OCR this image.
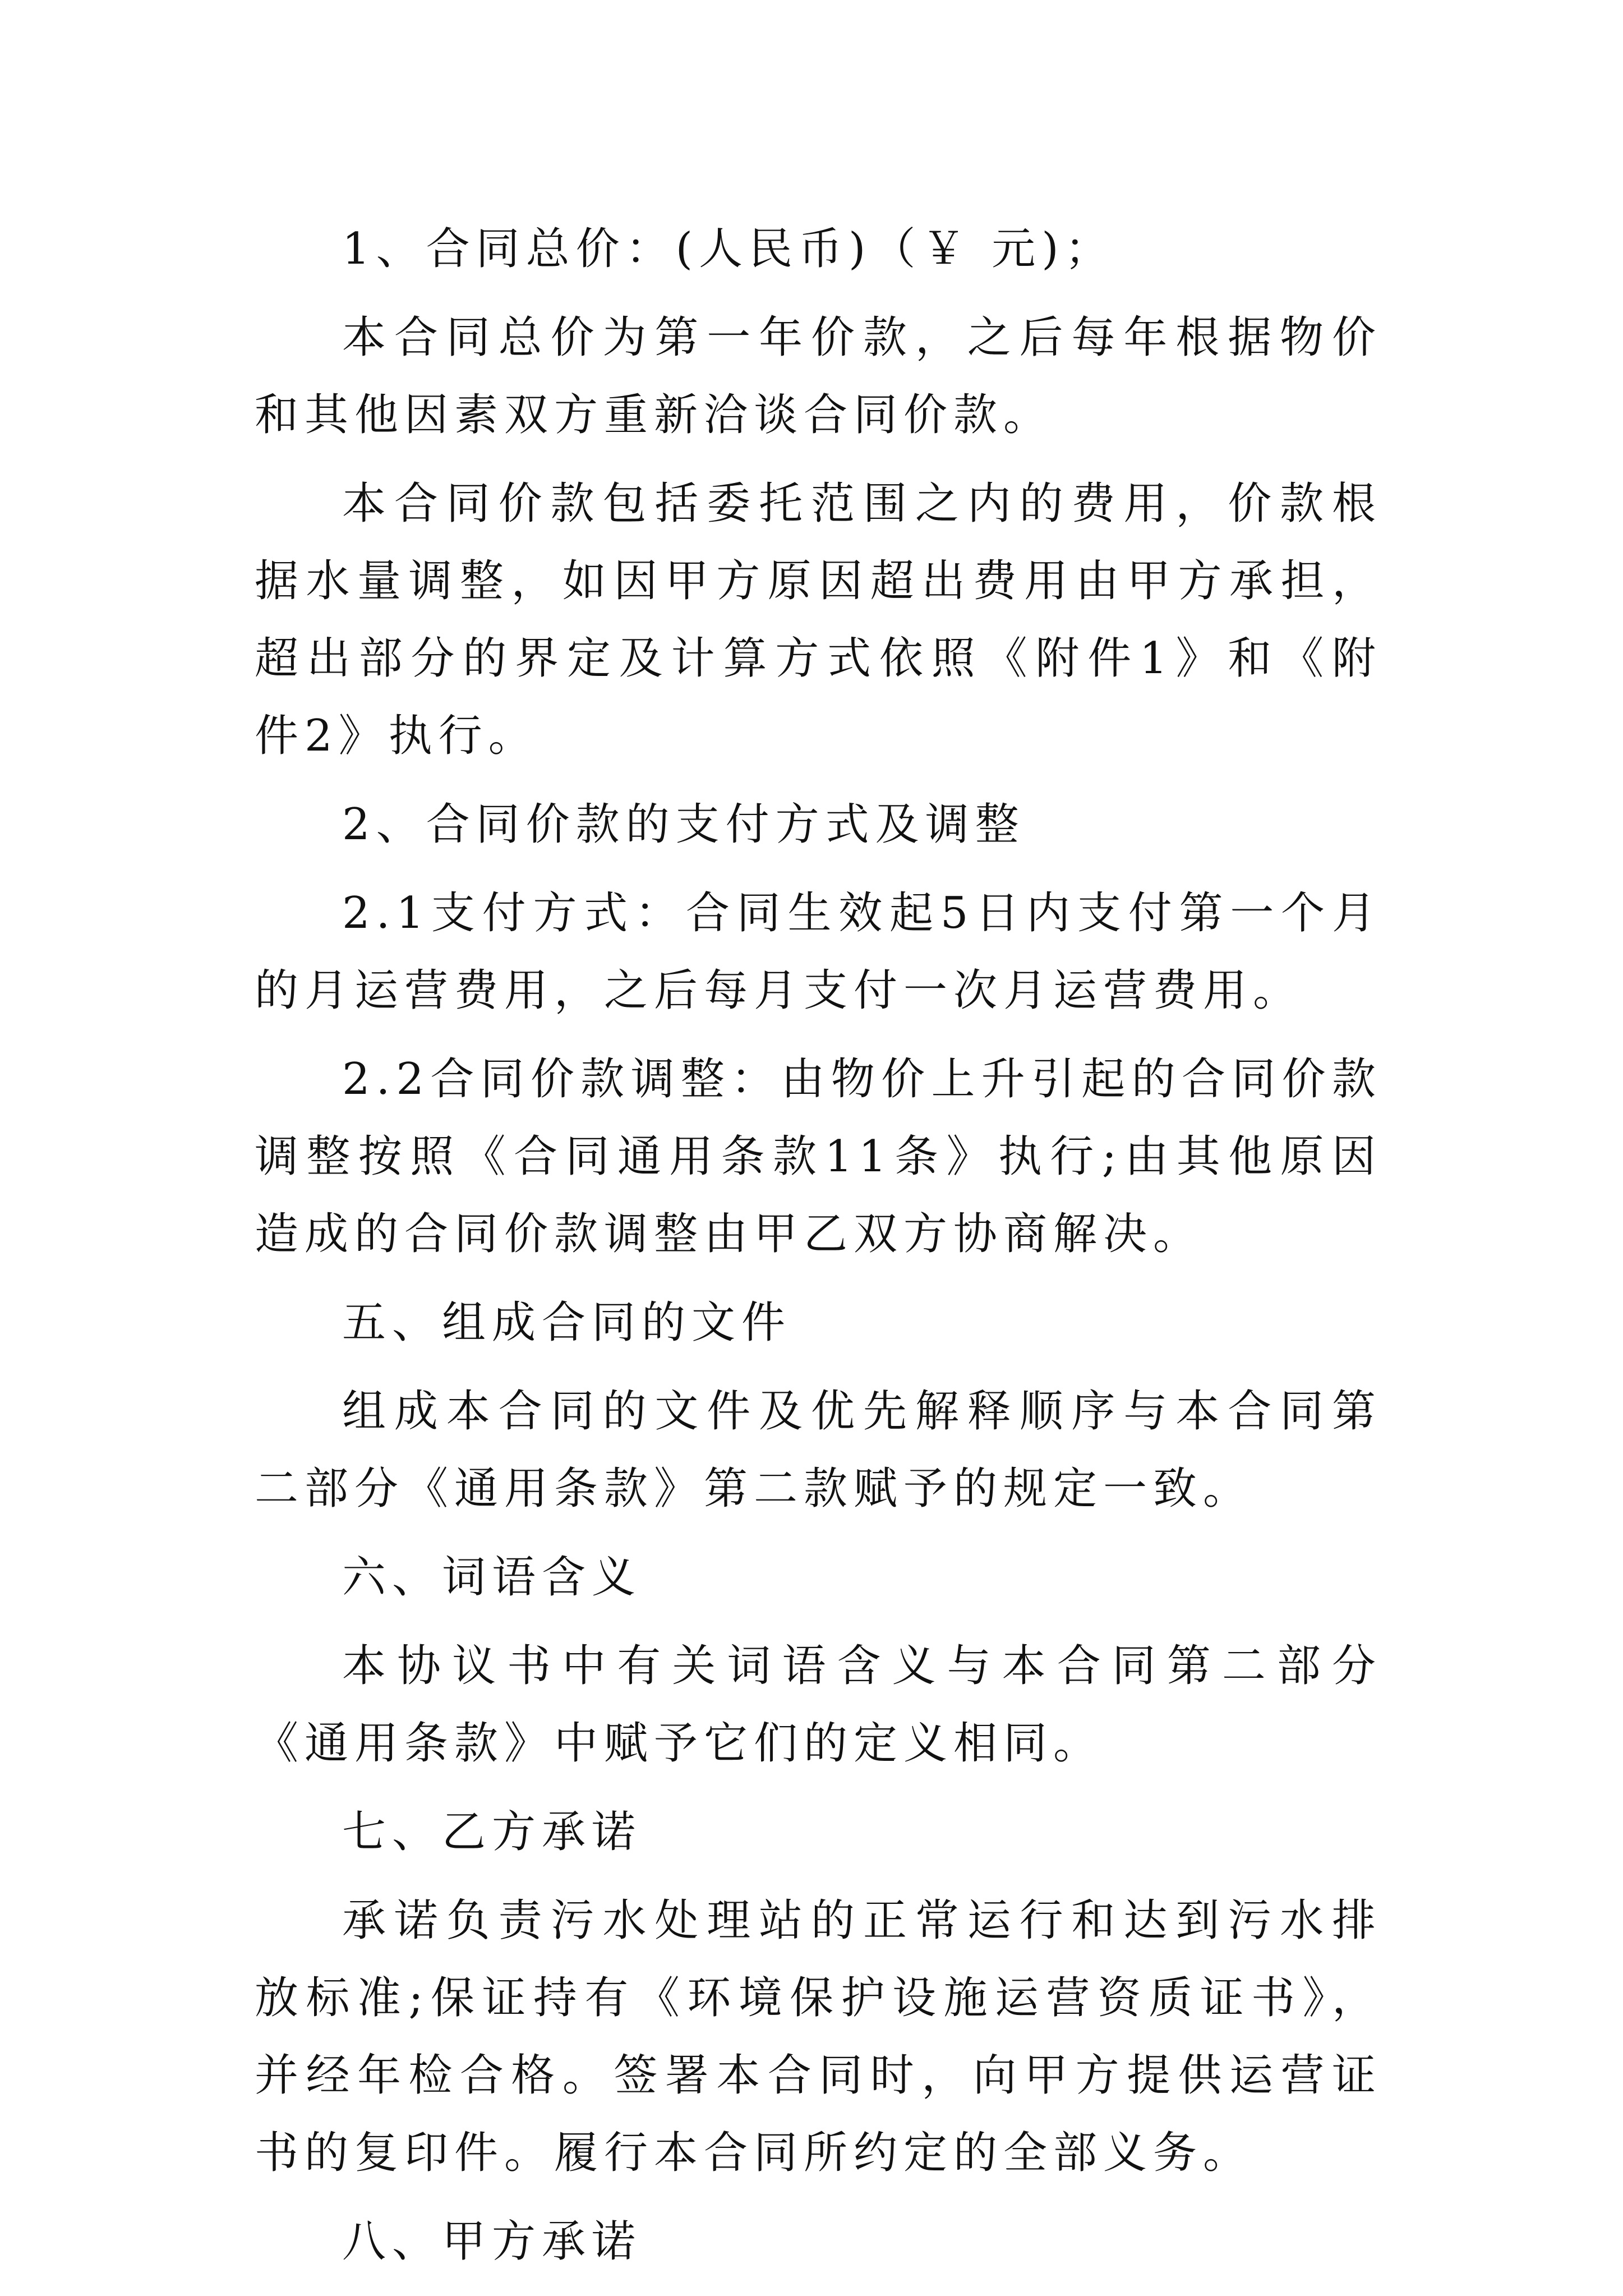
1、合同总价：(人民币)（￥ 元)；

本合同总价为第一年价款，之后每年根据物价和其他因素双方重新洽谈合同价款。

本合同价款包括委托范围之内的费用，价款根据水量调整，如因甲方原因超出费用由甲方承担，超出部分的界定及计算方式依照《附件1》和《附件2》执行。

2、合同价款的支付方式及调整

2.1支付方式：合同生效起5日内支付第一个月的月运营费用，之后每月支付一次月运营费用。

2.2合同价款调整：由物价上升引起的合同价款调整按照《合同通用条款11条》执行;由其他原因造成的合同价款调整由甲乙双方协商解决。

五、组成合同的文件

组成本合同的文件及优先解释顺序与本合同第二部分《通用条款》第二款赋予的规定一致。

六、词语含义

本协议书中有关词语含义与本合同第二部分《通用条款》中赋予它们的定义相同。

七、乙方承诺

承诺负责污水处理站的正常运行和达到污水排放标准;保证持有《环境保护设施运营资质证书》，并经年检合格。签署本合同时，向甲方提供运营证书的复印件。履行本合同所约定的全部义务。

八、甲方承诺
